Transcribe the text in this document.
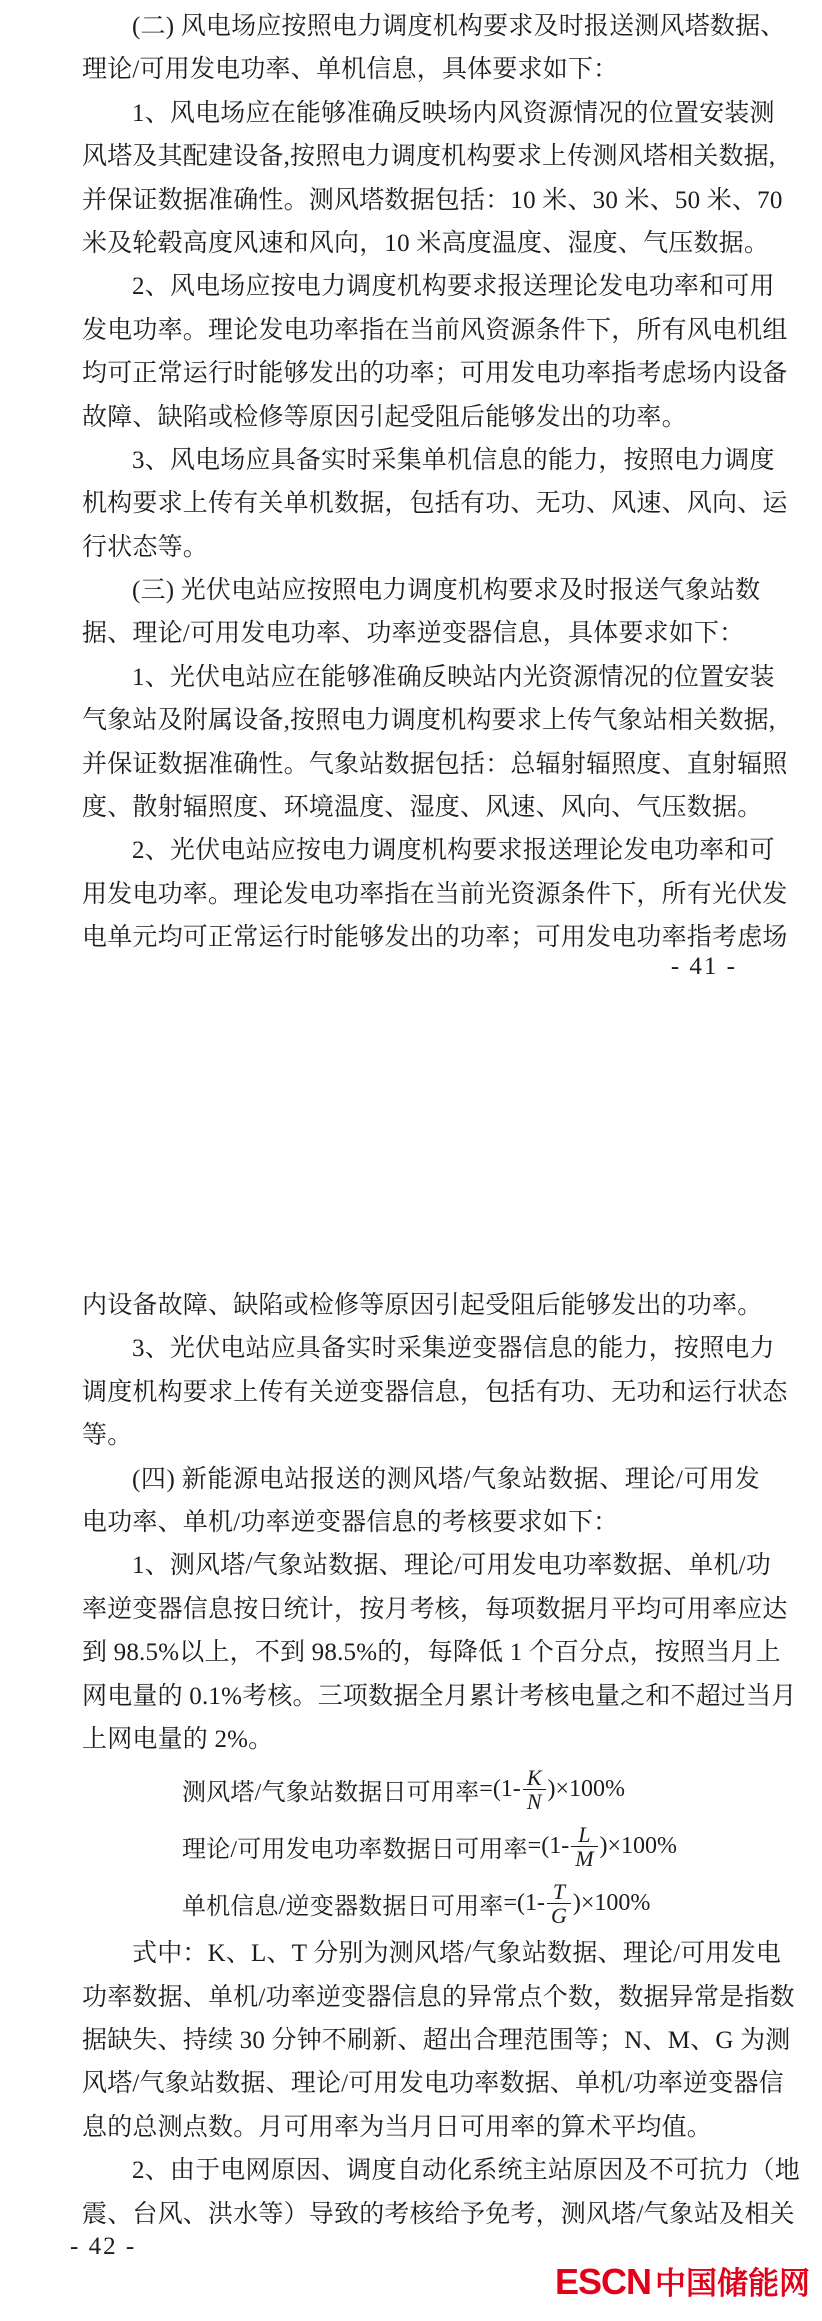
(二) 风电场应按照电力调度机构要求及时报送测风塔数据、
理论/可用发电功率、单机信息，具体要求如下：
1、风电场应在能够准确反映场内风资源情况的位置安装测
风塔及其配建设备,按照电力调度机构要求上传测风塔相关数据,
并保证数据准确性。测风塔数据包括：10 米、30 米、50 米、70
米及轮毂高度风速和风向，10 米高度温度、湿度、气压数据。
2、风电场应按电力调度机构要求报送理论发电功率和可用
发电功率。理论发电功率指在当前风资源条件下，所有风电机组
均可正常运行时能够发出的功率；可用发电功率指考虑场内设备
故障、缺陷或检修等原因引起受阻后能够发出的功率。
3、风电场应具备实时采集单机信息的能力，按照电力调度
机构要求上传有关单机数据，包括有功、无功、风速、风向、运
行状态等。
(三) 光伏电站应按照电力调度机构要求及时报送气象站数
据、理论/可用发电功率、功率逆变器信息，具体要求如下：
1、光伏电站应在能够准确反映站内光资源情况的位置安装
气象站及附属设备,按照电力调度机构要求上传气象站相关数据,
并保证数据准确性。气象站数据包括：总辐射辐照度、直射辐照
度、散射辐照度、环境温度、湿度、风速、风向、气压数据。
2、光伏电站应按电力调度机构要求报送理论发电功率和可
用发电功率。理论发电功率指在当前光资源条件下，所有光伏发
电单元均可正常运行时能够发出的功率；可用发电功率指考虑场
- 41 -
内设备故障、缺陷或检修等原因引起受阻后能够发出的功率。
3、光伏电站应具备实时采集逆变器信息的能力，按照电力
调度机构要求上传有关逆变器信息，包括有功、无功和运行状态
等。
(四) 新能源电站报送的测风塔/气象站数据、理论/可用发
电功率、单机/功率逆变器信息的考核要求如下：
1、测风塔/气象站数据、理论/可用发电功率数据、单机/功
率逆变器信息按日统计，按月考核，每项数据月平均可用率应达
到 98.5%以上，不到 98.5%的，每降低 1 个百分点，按照当月上
网电量的 0.1%考核。三项数据全月累计考核电量之和不超过当月
上网电量的 2%。
测风塔/气象站数据日可用率 $=(1- \frac{K}{N} )\times 100\%$
理论/可用发电功率数据日可用率 $=(1- \frac{L}{M} )\times 100\%$
单机信息/逆变器数据日可用率 $=(1- \frac{T}{G} )\times 100\%$
式中：K、L、T 分别为测风塔/气象站数据、理论/可用发电
功率数据、单机/功率逆变器信息的异常点个数，数据异常是指数
据缺失、持续 30 分钟不刷新、超出合理范围等；N、M、G 为测
风塔/气象站数据、理论/可用发电功率数据、单机/功率逆变器信
息的总测点数。月可用率为当月日可用率的算术平均值。
2、由于电网原因、调度自动化系统主站原因及不可抗力（地
震、台风、洪水等）导致的考核给予免考，测风塔/气象站及相关
- 42 -
ESCN 中国储能网
